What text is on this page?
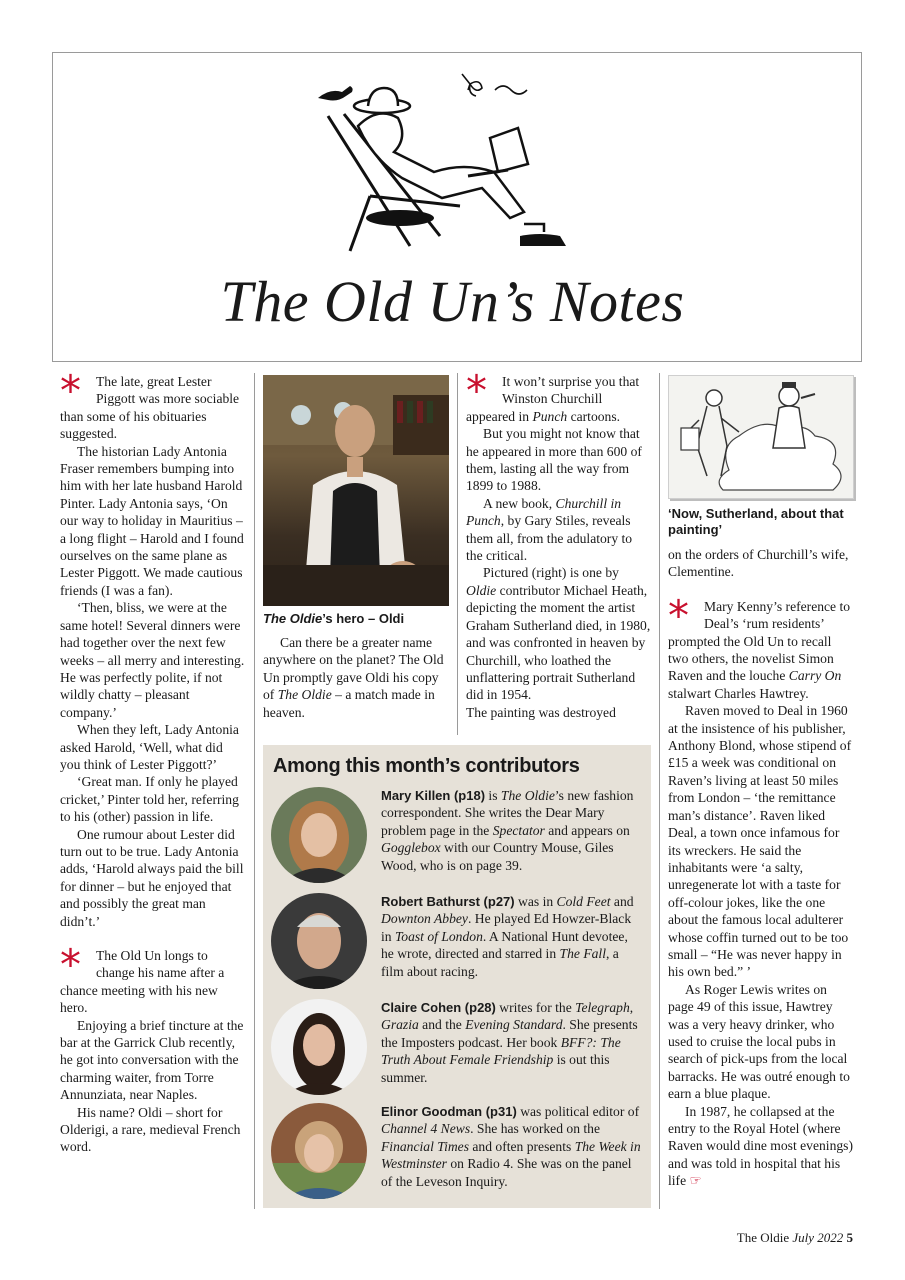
The Old Un’s Notes

*	The late, great Lester Piggott was more sociable than some of his obituaries suggested.

The historian Lady Antonia Fraser remembers bumping into him with her late husband Harold Pinter. Lady Antonia says, ‘On our way to holiday in Mauritius – a long flight – Harold and I found ourselves on the same plane as Lester Piggott. We made cautious friends (I was a fan).

‘Then, bliss, we were at the same hotel! Several dinners were had together over the next few weeks – all merry and interesting. He was perfectly polite, if not wildly chatty – pleasant company.’

When they left, Lady Antonia asked Harold, ‘Well, what did you think of Lester Piggott?’

‘Great man. If only he played cricket,’ Pinter told her, referring to his (other) passion in life.

One rumour about Lester did turn out to be true. Lady Antonia adds, ‘Harold always paid the bill for dinner – but he enjoyed that and possibly the great man didn’t.’

*	The Old Un longs to change his name after a chance meeting with his new hero.

Enjoying a brief tincture at the bar at the Garrick Club recently, he got into conversation with the charming waiter, from Torre Annunziata, near Naples.

His name? Oldi – short for Olderigi, a rare, medieval French word.

The Oldie’s hero – Oldi

Can there be a greater name anywhere on the planet? The Old Un promptly gave Oldi his copy of The Oldie – a match made in heaven.

*	It won’t surprise you that Winston Churchill appeared in Punch cartoons.

But you might not know that he appeared in more than 600 of them, lasting all the way from 1899 to 1988.

A new book, Churchill in Punch, by Gary Stiles, reveals them all, from the adulatory to the critical.

Pictured (right) is one by Oldie contributor Michael Heath, depicting the moment the artist Graham Sutherland died, in 1980, and was confronted in heaven by Churchill, who loathed the unflattering portrait Sutherland did in 1954.

The painting was destroyed

Among this month’s contributors
Mary Killen (p18) is The Oldie’s new fashion correspondent. She writes the Dear Mary problem page in the Spectator and appears on Gogglebox with our Country Mouse, Giles Wood, who is on page 39.
Robert Bathurst (p27) was in Cold Feet and Downton Abbey. He played Ed Howzer-Black in Toast of London. A National Hunt devotee, he wrote, directed and starred in The Fall, a film about racing.
Claire Cohen (p28) writes for the Telegraph, Grazia and the Evening Standard. She presents the Imposters podcast. Her book BFF?: The Truth About Female Friendship is out this summer.
Elinor Goodman (p31) was political editor of Channel 4 News. She has worked on the Financial Times and often presents The Week in Westminster on Radio 4. She was on the panel of the Leveson Inquiry.
‘Now, Sutherland, about that painting’

on the orders of Churchill’s wife, Clementine.

*	Mary Kenny’s reference to Deal’s ‘rum residents’ prompted the Old Un to recall two others, the novelist Simon Raven and the louche Carry On stalwart Charles Hawtrey.

Raven moved to Deal in 1960 at the insistence of his publisher, Anthony Blond, whose stipend of £15 a week was conditional on Raven’s living at least 50 miles from London – ‘the remittance man’s distance’. Raven liked Deal, a town once infamous for its wreckers. He said the inhabitants were ‘a salty, unregenerate lot with a taste for off-colour jokes, like the one about the famous local adulterer whose coffin turned out to be too small – “He was never happy in his own bed.” ’

As Roger Lewis writes on page 49 of this issue, Hawtrey was a very heavy drinker, who used to cruise the local pubs in search of pick-ups from the local barracks. He was outré enough to earn a blue plaque.

In 1987, he collapsed at the entry to the Royal Hotel (where Raven would dine most evenings) and was told in hospital that his life ☞

The Oldie July 2022 5
